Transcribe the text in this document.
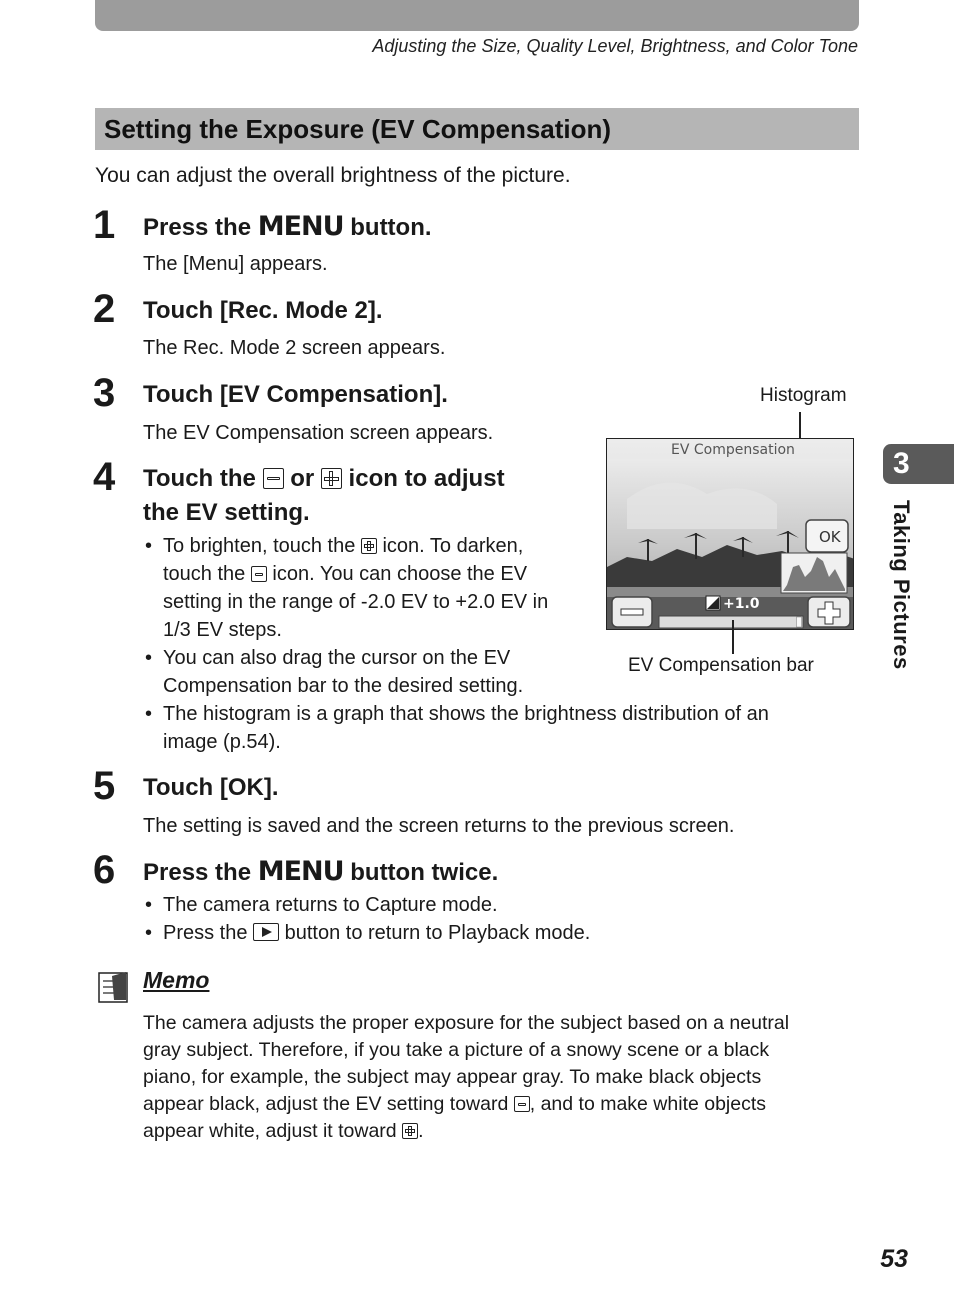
Adjusting the Size, Quality Level, Brightness, and Color Tone
Setting the Exposure (EV Compensation)
You can adjust the overall brightness of the picture.
1 Press the MENU button.
The [Menu] appears.
2 Touch [Rec. Mode 2].
The Rec. Mode 2 screen appears.
3 Touch [EV Compensation].
The EV Compensation screen appears.
4 Touch the  or  icon to adjust
the EV setting.
• To brighten, touch the  icon. To darken,
touch the  icon. You can choose the EV
setting in the range of -2.0 EV to +2.0 EV in
1/3 EV steps.
• You can also drag the cursor on the EV
Compensation bar to the desired setting.
• The histogram is a graph that shows the brightness distribution of an
image (p.54).
Histogram
EV Compensation
OK
+1.0
EV Compensation bar
5 Touch [OK].
The setting is saved and the screen returns to the previous screen.
6 Press the MENU button twice.
• The camera returns to Capture mode.
• Press the  button to return to Playback mode.
Memo
The camera adjusts the proper exposure for the subject based on a neutral
gray subject. Therefore, if you take a picture of a snowy scene or a black
piano, for example, the subject may appear gray. To make black objects
appear black, adjust the EV setting toward , and to make white objects
appear white, adjust it toward .
3
Taking Pictures
53
